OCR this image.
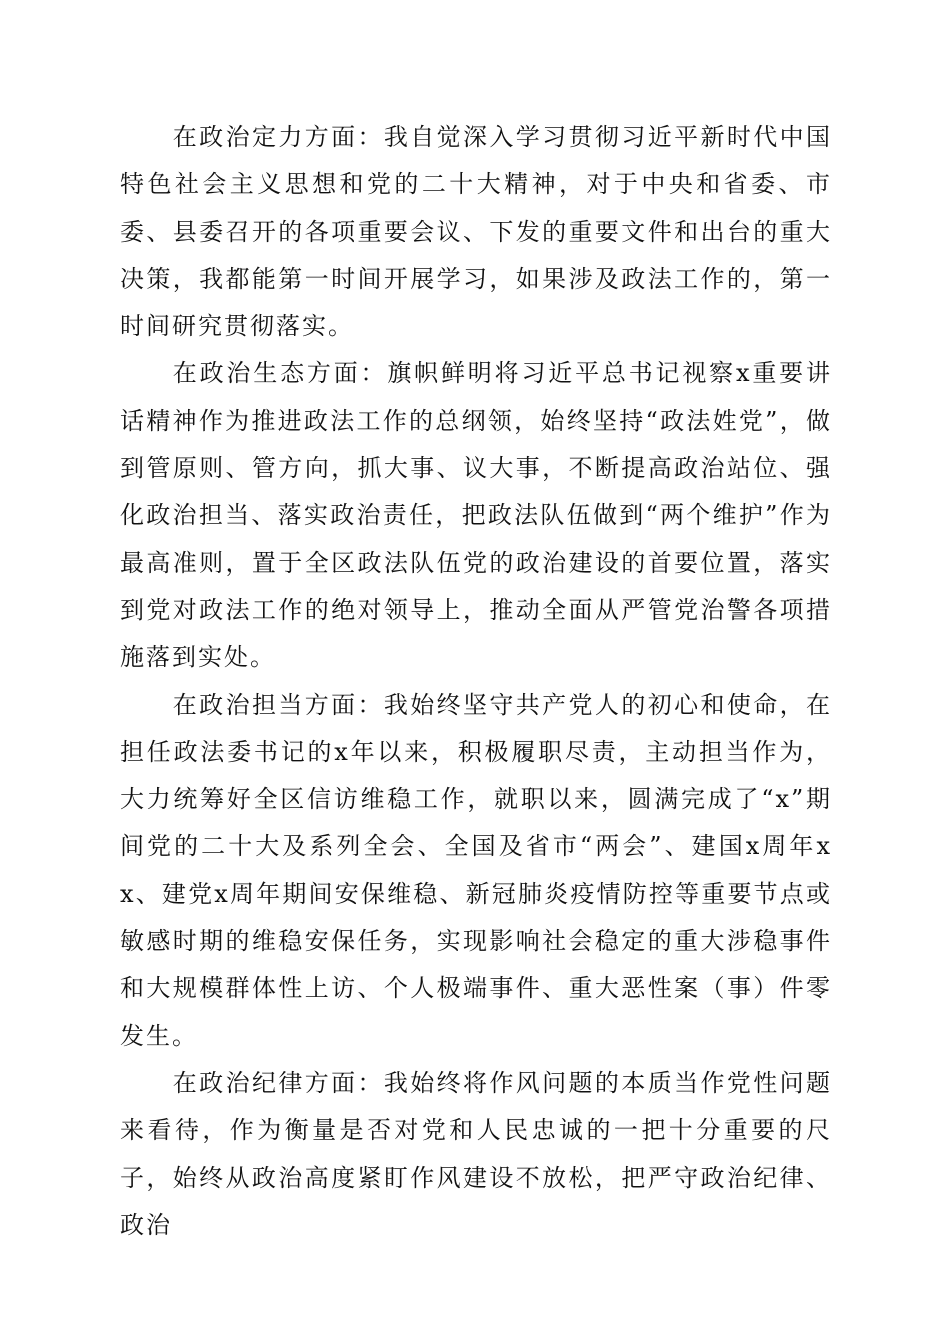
在政治定力方面：我自觉深入学习贯彻习近平新时代中国特色社会主义思想和党的二十大精神，对于中央和省委、市委、县委召开的各项重要会议、下发的重要文件和出台的重大决策，我都能第一时间开展学习，如果涉及政法工作的，第一时间研究贯彻落实。

在政治生态方面：旗帜鲜明将习近平总书记视察x重要讲话精神作为推进政法工作的总纲领，始终坚持“政法姓党”，做到管原则、管方向，抓大事、议大事，不断提高政治站位、强化政治担当、落实政治责任，把政法队伍做到“两个维护”作为最高准则，置于全区政法队伍党的政治建设的首要位置，落实到党对政法工作的绝对领导上，推动全面从严管党治警各项措施落到实处。

在政治担当方面：我始终坚守共产党人的初心和使命，在担任政法委书记的x年以来，积极履职尽责，主动担当作为，大力统筹好全区信访维稳工作，就职以来，圆满完成了“x”期间党的二十大及系列全会、全国及省市“两会”、建国x周年xx、建党x周年期间安保维稳、新冠肺炎疫情防控等重要节点或敏感时期的维稳安保任务，实现影响社会稳定的重大涉稳事件和大规模群体性上访、个人极端事件、重大恶性案（事）件零发生。

在政治纪律方面：我始终将作风问题的本质当作党性问题来看待，作为衡量是否对党和人民忠诚的一把十分重要的尺子，始终从政治高度紧盯作风建设不放松，把严守政治纪律、政治
